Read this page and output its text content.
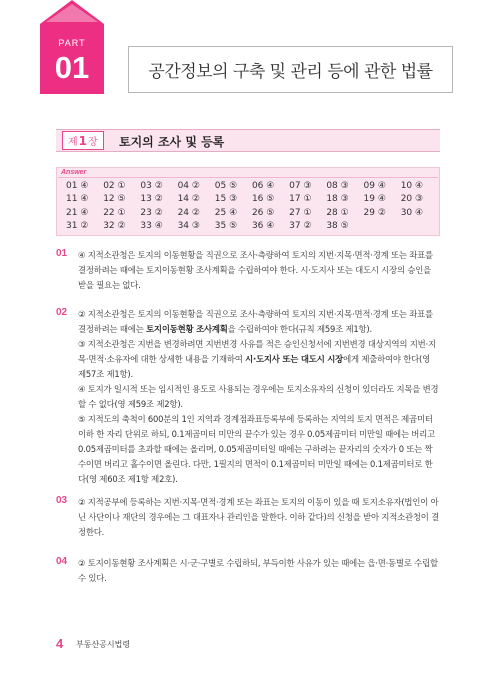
PART
01	공간정보의 구축 및 관리 등에 관한 법률
제 1 장 토지의 조사 및 등록
Answer
01 ④	02 ①	03 ②	04 ②	05 ⑤	06 ④	07 ③	08 ③	09 ④	10 ④
11 ④	12 ⑤	13 ②	14 ②	15 ③	16 ⑤	17 ①	18 ③	19 ④	20 ③
21 ④	22 ①	23 ②	24 ②	25 ④	26 ⑤	27 ①	28 ①	29 ②	30 ④
31 ②	32 ②	33 ④	34 ③	35 ⑤	36 ④	37 ②	38 ⑤
01 ④ 지적소관청은 토지의 이동현황을 직권으로 조사·측량하여 토지의 지번·지목·면적·경계 또는 좌표를 결정하려는 때에는 토지이동현황 조사계획을 수립하여야 한다. 시·도지사 또는 대도시 시장의 승인을 받을 필요는 없다.

02 ② 지적소관청은 토지의 이동현황을 직권으로 조사·측량하여 토지의 지번·지목·면적·경계 또는 좌표를 결정하려는 때에는 토지이동현황 조사계획을 수립하여야 한다(규칙 제59조 제1항).

③ 지적소관청은 지번을 변경하려면 지번변경 사유를 적은 승인신청서에 지번변경 대상지역의 지번·지목·면적·소유자에 대한 상세한 내용을 기재하여 시·도지사 또는 대도시 시장에게 제출하여야 한다(영 제57조 제1항).

④ 토지가 일시적 또는 임시적인 용도로 사용되는 경우에는 토지소유자의 신청이 있더라도 지목을 변경할 수 없다(영 제59조 제2항).

⑤ 지적도의 축척이 600분의 1인 지역과 경계점좌표등록부에 등록하는 지역의 토지 면적은 제곱미터 이하 한 자리 단위로 하되, 0.1제곱미터 미만의 끝수가 있는 경우 0.05제곱미터 미만일 때에는 버리고 0.05제곱미터를 초과할 때에는 올리며, 0.05제곱미터일 때에는 구하려는 끝자리의 숫자가 0 또는 짝수이면 버리고 홀수이면 올린다. 다만, 1필지의 면적이 0.1제곱미터 미만일 때에는 0.1제곱미터로 한다(영 제60조 제1항 제2호).

03 ② 지적공부에 등록하는 지번·지목·면적·경계 또는 좌표는 토지의 이동이 있을 때 토지소유자(법인이 아닌 사단이나 재단의 경우에는 그 대표자나 관리인을 말한다. 이하 같다)의 신청을 받아 지적소관청이 결정한다.

04 ② 토지이동현황 조사계획은 시·군·구별로 수립하되, 부득이한 사유가 있는 때에는 읍·면·동별로 수립할 수 있다.

4 부동산공시법령
